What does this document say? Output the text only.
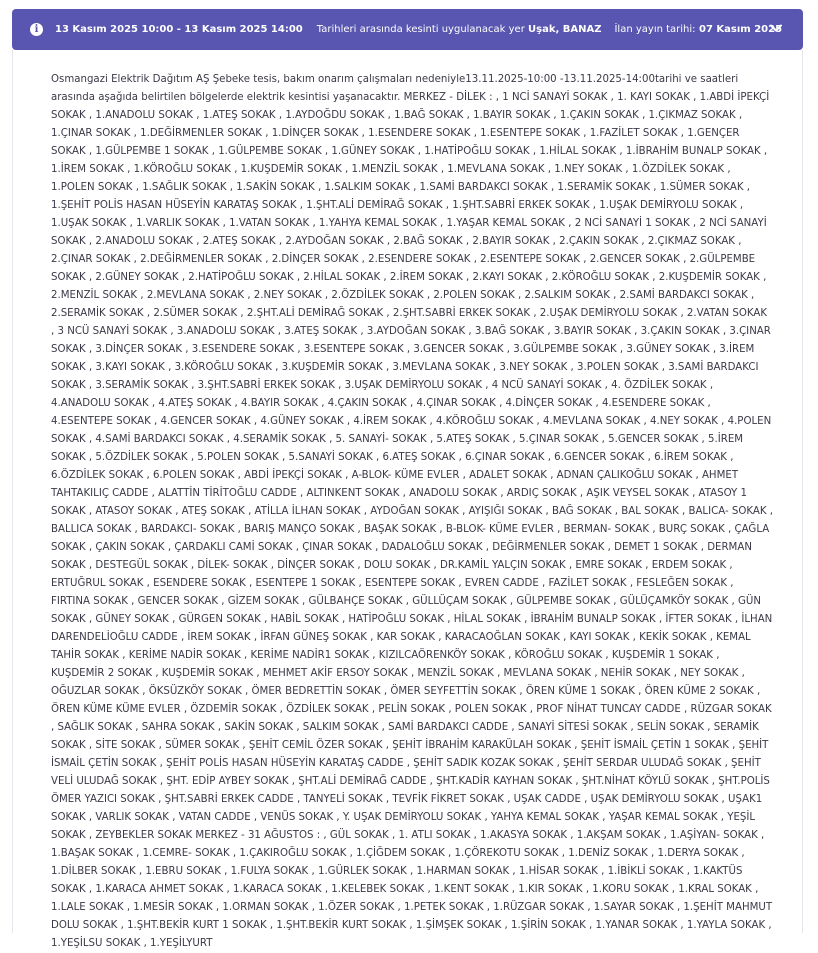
i	13 Kasım 2025 10:00 - 13 Kasım 2025 14:00 Tarihleri arasında kesinti uygulanacak yer Uşak, BANAZ İlan yayın tarihi: 07 Kasım 2025
Osmangazi Elektrik Dağıtım AŞ Şebeke tesis, bakım onarım çalışmaları nedeniyle13.11.2025-10:00 -13.11.2025-14:00tarihi ve saatleri arasında aşağıda belirtilen bölgelerde elektrik kesintisi yaşanacaktır. MERKEZ - DİLEK : , 1 NCİ SANAYİ SOKAK , 1. KAYI SOKAK , 1.ABDİ İPEKÇİ SOKAK , 1.ANADOLU SOKAK , 1.ATEŞ SOKAK , 1.AYDOĞDU SOKAK , 1.BAĞ SOKAK , 1.BAYIR SOKAK , 1.ÇAKIN SOKAK , 1.ÇIKMAZ SOKAK , 1.ÇINAR SOKAK , 1.DEĞİRMENLER SOKAK , 1.DİNÇER SOKAK , 1.ESENDERE SOKAK , 1.ESENTEPE SOKAK , 1.FAZİLET SOKAK , 1.GENÇER SOKAK , 1.GÜLPEMBE 1 SOKAK , 1.GÜLPEMBE SOKAK , 1.GÜNEY SOKAK , 1.HATİPOĞLU SOKAK , 1.HİLAL SOKAK , 1.İBRAHİM BUNALP SOKAK , 1.İREM SOKAK , 1.KÖROĞLU SOKAK , 1.KUŞDEMİR SOKAK , 1.MENZİL SOKAK , 1.MEVLANA SOKAK , 1.NEY SOKAK , 1.ÖZDİLEK SOKAK , 1.POLEN SOKAK , 1.SAĞLIK SOKAK , 1.SAKİN SOKAK , 1.SALKIM SOKAK , 1.SAMİ BARDAKCI SOKAK , 1.SERAMİK SOKAK , 1.SÜMER SOKAK , 1.ŞEHİT POLİS HASAN HÜSEYİN KARATAŞ SOKAK , 1.ŞHT.ALİ DEMİRAĞ SOKAK , 1.ŞHT.SABRİ ERKEK SOKAK , 1.UŞAK DEMİRYOLU SOKAK , 1.UŞAK SOKAK , 1.VARLIK SOKAK , 1.VATAN SOKAK , 1.YAHYA KEMAL SOKAK , 1.YAŞAR KEMAL SOKAK , 2 NCİ SANAYİ 1 SOKAK , 2 NCİ SANAYİ SOKAK , 2.ANADOLU SOKAK , 2.ATEŞ SOKAK , 2.AYDOĞAN SOKAK , 2.BAĞ SOKAK , 2.BAYIR SOKAK , 2.ÇAKIN SOKAK , 2.ÇIKMAZ SOKAK , 2.ÇINAR SOKAK , 2.DEĞİRMENLER SOKAK , 2.DİNÇER SOKAK , 2.ESENDERE SOKAK , 2.ESENTEPE SOKAK , 2.GENCER SOKAK , 2.GÜLPEMBE SOKAK , 2.GÜNEY SOKAK , 2.HATİPOĞLU SOKAK , 2.HİLAL SOKAK , 2.İREM SOKAK , 2.KAYI SOKAK , 2.KÖROĞLU SOKAK , 2.KUŞDEMİR SOKAK , 2.MENZİL SOKAK , 2.MEVLANA SOKAK , 2.NEY SOKAK , 2.ÖZDİLEK SOKAK , 2.POLEN SOKAK , 2.SALKIM SOKAK , 2.SAMİ BARDAKCI SOKAK , 2.SERAMİK SOKAK , 2.SÜMER SOKAK , 2.ŞHT.ALİ DEMİRAĞ SOKAK , 2.ŞHT.SABRİ ERKEK SOKAK , 2.UŞAK DEMİRYOLU SOKAK , 2.VATAN SOKAK , 3 NCÜ SANAYİ SOKAK , 3.ANADOLU SOKAK , 3.ATEŞ SOKAK , 3.AYDOĞAN SOKAK , 3.BAĞ SOKAK , 3.BAYIR SOKAK , 3.ÇAKIN SOKAK , 3.ÇINAR SOKAK , 3.DİNÇER SOKAK , 3.ESENDERE SOKAK , 3.ESENTEPE SOKAK , 3.GENCER SOKAK , 3.GÜLPEMBE SOKAK , 3.GÜNEY SOKAK , 3.İREM SOKAK , 3.KAYI SOKAK , 3.KÖROĞLU SOKAK , 3.KUŞDEMİR SOKAK , 3.MEVLANA SOKAK , 3.NEY SOKAK , 3.POLEN SOKAK , 3.SAMİ BARDAKCI SOKAK , 3.SERAMİK SOKAK , 3.ŞHT.SABRİ ERKEK SOKAK , 3.UŞAK DEMİRYOLU SOKAK , 4 NCÜ SANAYİ SOKAK , 4. ÖZDİLEK SOKAK , 4.ANADOLU SOKAK , 4.ATEŞ SOKAK , 4.BAYIR SOKAK , 4.ÇAKIN SOKAK , 4.ÇINAR SOKAK , 4.DİNÇER SOKAK , 4.ESENDERE SOKAK , 4.ESENTEPE SOKAK , 4.GENCER SOKAK , 4.GÜNEY SOKAK , 4.İREM SOKAK , 4.KÖROĞLU SOKAK , 4.MEVLANA SOKAK , 4.NEY SOKAK , 4.POLEN SOKAK , 4.SAMİ BARDAKCI SOKAK , 4.SERAMİK SOKAK , 5. SANAYİ- SOKAK , 5.ATEŞ SOKAK , 5.ÇINAR SOKAK , 5.GENCER SOKAK , 5.İREM SOKAK , 5.ÖZDİLEK SOKAK , 5.POLEN SOKAK , 5.SANAYİ SOKAK , 6.ATEŞ SOKAK , 6.ÇINAR SOKAK , 6.GENCER SOKAK , 6.İREM SOKAK , 6.ÖZDİLEK SOKAK , 6.POLEN SOKAK , ABDİ İPEKÇİ SOKAK , A-BLOK- KÜME EVLER , ADALET SOKAK , ADNAN ÇALIKOĞLU SOKAK , AHMET TAHTAKILIÇ CADDE , ALATTİN TİRİTOĞLU CADDE , ALTINKENT SOKAK , ANADOLU SOKAK , ARDIÇ SOKAK , AŞIK VEYSEL SOKAK , ATASOY 1 SOKAK , ATASOY SOKAK , ATEŞ SOKAK , ATİLLA İLHAN SOKAK , AYDOĞAN SOKAK , AYIŞIĞI SOKAK , BAĞ SOKAK , BAL SOKAK , BALICA- SOKAK , BALLICA SOKAK , BARDAKCI- SOKAK , BARIŞ MANÇO SOKAK , BAŞAK SOKAK , B-BLOK- KÜME EVLER , BERMAN- SOKAK , BURÇ SOKAK , ÇAĞLA SOKAK , ÇAKIN SOKAK , ÇARDAKLI CAMİ SOKAK , ÇINAR SOKAK , DADALOĞLU SOKAK , DEĞİRMENLER SOKAK , DEMET 1 SOKAK , DERMAN SOKAK , DESTEGÜL SOKAK , DİLEK- SOKAK , DİNÇER SOKAK , DOLU SOKAK , DR.KAMİL YALÇIN SOKAK , EMRE SOKAK , ERDEM SOKAK , ERTUĞRUL SOKAK , ESENDERE SOKAK , ESENTEPE 1 SOKAK , ESENTEPE SOKAK , EVREN CADDE , FAZİLET SOKAK , FESLEĞEN SOKAK , FIRTINA SOKAK , GENCER SOKAK , GİZEM SOKAK , GÜLBAHÇE SOKAK , GÜLLÜÇAM SOKAK , GÜLPEMBE SOKAK , GÜLÜÇAMKÖY SOKAK , GÜN SOKAK , GÜNEY SOKAK , GÜRGEN SOKAK , HABİL SOKAK , HATİPOĞLU SOKAK , HİLAL SOKAK , İBRAHİM BUNALP SOKAK , İFTER SOKAK , İLHAN DARENDELİOĞLU CADDE , İREM SOKAK , İRFAN GÜNEŞ SOKAK , KAR SOKAK , KARACAOĞLAN SOKAK , KAYI SOKAK , KEKİK SOKAK , KEMAL TAHİR SOKAK , KERİME NADİR SOKAK , KERİME NADİR1 SOKAK , KIZILCAÖRENKÖY SOKAK , KÖROĞLU SOKAK , KUŞDEMİR 1 SOKAK , KUŞDEMİR 2 SOKAK , KUŞDEMİR SOKAK , MEHMET AKİF ERSOY SOKAK , MENZİL SOKAK , MEVLANA SOKAK , NEHİR SOKAK , NEY SOKAK , OĞUZLAR SOKAK , ÖKSÜZKÖY SOKAK , ÖMER BEDRETTİN SOKAK , ÖMER SEYFETTİN SOKAK , ÖREN KÜME 1 SOKAK , ÖREN KÜME 2 SOKAK , ÖREN KÜME KÜME EVLER , ÖZDEMİR SOKAK , ÖZDİLEK SOKAK , PELİN SOKAK , POLEN SOKAK , PROF NİHAT TUNCAY CADDE , RÜZGAR SOKAK , SAĞLIK SOKAK , SAHRA SOKAK , SAKİN SOKAK , SALKIM SOKAK , SAMİ BARDAKCI CADDE , SANAYİ SİTESİ SOKAK , SELİN SOKAK , SERAMİK SOKAK , SİTE SOKAK , SÜMER SOKAK , ŞEHİT CEMİL ÖZER SOKAK , ŞEHİT İBRAHİM KARAKÜLAH SOKAK , ŞEHİT İSMAİL ÇETİN 1 SOKAK , ŞEHİT İSMAİL ÇETİN SOKAK , ŞEHİT POLİS HASAN HÜSEYİN KARATAŞ CADDE , ŞEHİT SADIK KOZAK SOKAK , ŞEHİT SERDAR ULUDAĞ SOKAK , ŞEHİT VELİ ULUDAĞ SOKAK , ŞHT. EDİP AYBEY SOKAK , ŞHT.ALİ DEMİRAĞ CADDE , ŞHT.KADİR KAYHAN SOKAK , ŞHT.NİHAT KÖYLÜ SOKAK , ŞHT.POLİS ÖMER YAZICI SOKAK , ŞHT.SABRİ ERKEK CADDE , TANYELİ SOKAK , TEVFİK FİKRET SOKAK , UŞAK CADDE , UŞAK DEMİRYOLU SOKAK , UŞAK1 SOKAK , VARLIK SOKAK , VATAN CADDE , VENÜS SOKAK , Y. UŞAK DEMİRYOLU SOKAK , YAHYA KEMAL SOKAK , YAŞAR KEMAL SOKAK , YEŞİL SOKAK , ZEYBEKLER SOKAK MERKEZ - 31 AĞUSTOS : , GÜL SOKAK , 1. ATLI SOKAK , 1.AKASYA SOKAK , 1.AKŞAM SOKAK , 1.AŞİYAN- SOKAK , 1.BAŞAK SOKAK , 1.CEMRE- SOKAK , 1.ÇAKIROĞLU SOKAK , 1.ÇİĞDEM SOKAK , 1.ÇÖREKOTU SOKAK , 1.DENİZ SOKAK , 1.DERYA SOKAK , 1.DİLBER SOKAK , 1.EBRU SOKAK , 1.FULYA SOKAK , 1.GÜRLEK SOKAK , 1.HARMAN SOKAK , 1.HİSAR SOKAK , 1.İBİKLİ SOKAK , 1.KAKTÜS SOKAK , 1.KARACA AHMET SOKAK , 1.KARACA SOKAK , 1.KELEBEK SOKAK , 1.KENT SOKAK , 1.KIR SOKAK , 1.KORU SOKAK , 1.KRAL SOKAK , 1.LALE SOKAK , 1.MESİR SOKAK , 1.ORMAN SOKAK , 1.ÖZER SOKAK , 1.PETEK SOKAK , 1.RÜZGAR SOKAK , 1.SAYAR SOKAK , 1.ŞEHİT MAHMUT DOLU SOKAK , 1.ŞHT.BEKİR KURT 1 SOKAK , 1.ŞHT.BEKİR KURT SOKAK , 1.ŞİMŞEK SOKAK , 1.ŞİRİN SOKAK , 1.YANAR SOKAK , 1.YAYLA SOKAK , 1.YEŞİLSU SOKAK , 1.YEŞİLYURT
